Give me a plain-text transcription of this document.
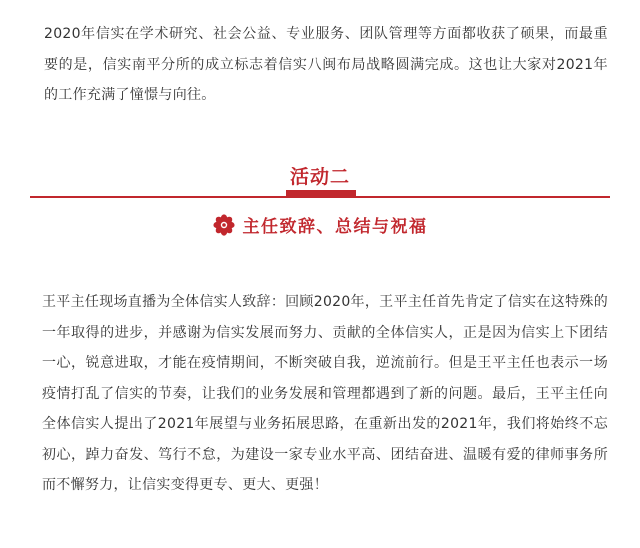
2020年信实在学术研究、社会公益、专业服务、团队管理等方面都收获了硕果，而最重要的是，信实南平分所的成立标志着信实八闽布局战略圆满完成。这也让大家对2021年的工作充满了憧憬与向往。

活动二
主任致辞、总结与祝福

王平主任现场直播为全体信实人致辞：回顾2020年，王平主任首先肯定了信实在这特殊的一年取得的进步，并感谢为信实发展而努力、贡献的全体信实人，正是因为信实上下团结一心，锐意进取，才能在疫情期间，不断突破自我，逆流前行。但是王平主任也表示一场疫情打乱了信实的节奏，让我们的业务发展和管理都遇到了新的问题。最后，王平主任向全体信实人提出了2021年展望与业务拓展思路，在重新出发的2021年，我们将始终不忘初心，踔力奋发、笃行不怠，为建设一家专业水平高、团结奋进、温暖有爱的律师事务所而不懈努力，让信实变得更专、更大、更强！
